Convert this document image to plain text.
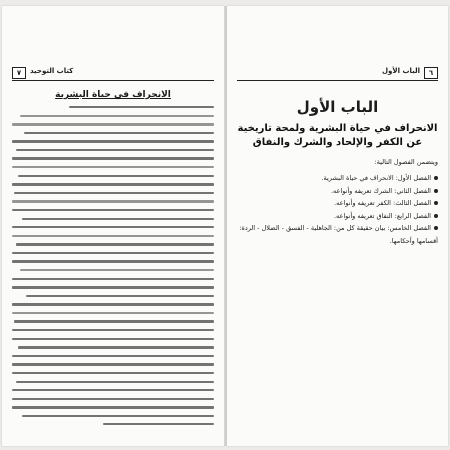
٧	كتاب التوحيد
الانحراف في حياة البشرية
٦
الباب الأول
الباب الأول
الانحراف في حياة البشرية ولمحة تاريخية عن الكفر والإلحاد والشرك والنفاق
ويتضمن الفصول التالية:
الفصل الأول: الانحراف في حياة البشرية.
الفصل الثاني: الشرك تعريفه وأنواعه.
الفصل الثالث: الكفر تعريفه وأنواعه.
الفصل الرابع: النفاق تعريفه وأنواعه.
الفصل الخامس: بيان حقيقة كل من: الجاهلية - الفسق - الضلال - الردة: أقسامها وأحكامها.
